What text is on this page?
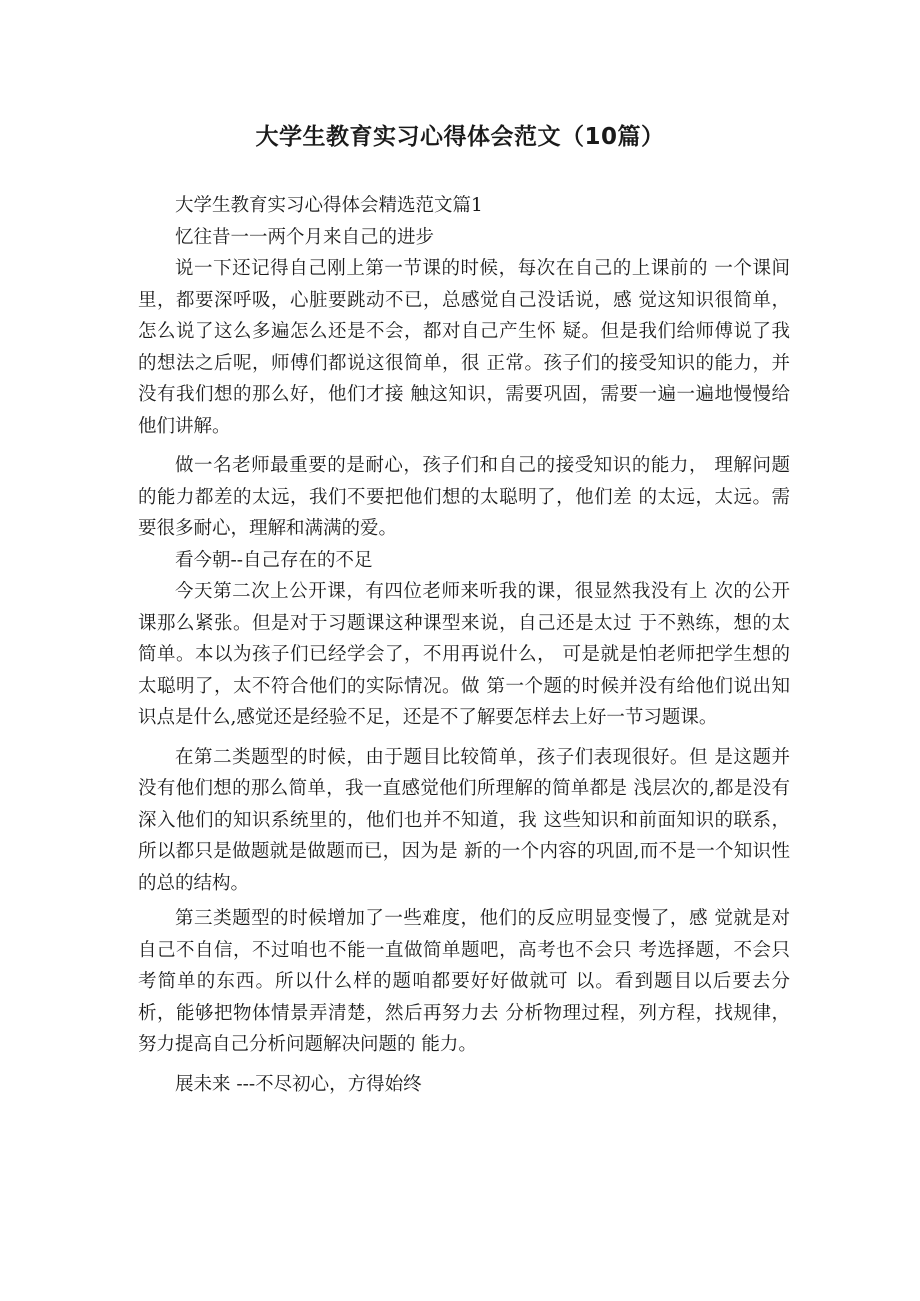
大学生教育实习心得体会范文（10篇）

大学生教育实习心得体会精选范文篇1

忆往昔一一两个月来自己的进步

说一下还记得自己刚上第一节课的时候，每次在自己的上课前的 一个课间里，都要深呼吸，心脏要跳动不已，总感觉自己没话说，感 觉这知识很简单，怎么说了这么多遍怎么还是不会，都对自己产生怀 疑。但是我们给师傅说了我的想法之后呢，师傅们都说这很简单，很 正常。孩子们的接受知识的能力，并没有我们想的那么好，他们才接 触这知识，需要巩固，需要一遍一遍地慢慢给他们讲解。

做一名老师最重要的是耐心，孩子们和自己的接受知识的能力， 理解问题的能力都差的太远，我们不要把他们想的太聪明了，他们差 的太远，太远。需要很多耐心，理解和满满的爱。

看今朝--自己存在的不足

今天第二次上公开课，有四位老师来听我的课，很显然我没有上 次的公开课那么紧张。但是对于习题课这种课型来说，自己还是太过 于不熟练，想的太简单。本以为孩子们已经学会了，不用再说什么， 可是就是怕老师把学生想的太聪明了，太不符合他们的实际情况。做 第一个题的时候并没有给他们说出知识点是什么,感觉还是经验不足，还是不了解要怎样去上好一节习题课。

在第二类题型的时候，由于题目比较简单，孩子们表现很好。但 是这题并没有他们想的那么简单，我一直感觉他们所理解的简单都是 浅层次的,都是没有深入他们的知识系统里的，他们也并不知道，我 这些知识和前面知识的联系，所以都只是做题就是做题而已，因为是 新的一个内容的巩固,而不是一个知识性的总的结构。

第三类题型的时候增加了一些难度，他们的反应明显变慢了，感 觉就是对自己不自信，不过咱也不能一直做简单题吧，高考也不会只 考选择题，不会只考简单的东西。所以什么样的题咱都要好好做就可 以。看到题目以后要去分析，能够把物体情景弄清楚，然后再努力去 分析物理过程，列方程，找规律，努力提高自己分析问题解决问题的 能力。

展未来 ---不尽初心，方得始终
